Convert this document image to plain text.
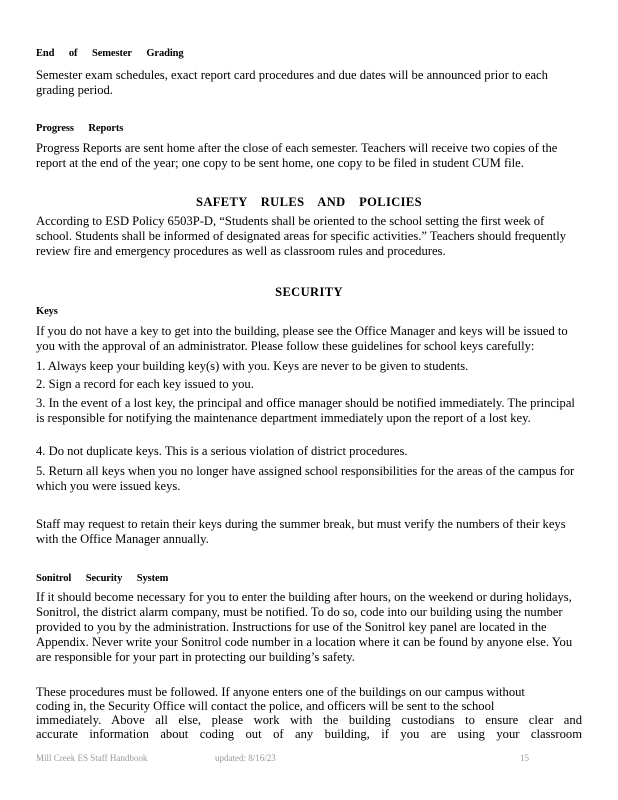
End of Semester Grading

Semester exam schedules, exact report card procedures and due dates will be announced prior to each grading period.

Progress Reports

Progress Reports are sent home after the close of each semester. Teachers will receive two copies of the report at the end of the year; one copy to be sent home, one copy to be filed in student CUM file.

SAFETY RULES AND POLICIES

According to ESD Policy 6503P-D, “Students shall be oriented to the school setting the first week of school. Students shall be informed of designated areas for specific activities.” Teachers should frequently review fire and emergency procedures as well as classroom rules and procedures.

SECURITY
Keys

If you do not have a key to get into the building, please see the Office Manager and keys will be issued to you with the approval of an administrator. Please follow these guidelines for school keys carefully:

1. Always keep your building key(s) with you. Keys are never to be given to students.

2. Sign a record for each key issued to you.

3. In the event of a lost key, the principal and office manager should be notified immediately. The principal is responsible for notifying the maintenance department immediately upon the report of a lost key.

4. Do not duplicate keys. This is a serious violation of district procedures.

5. Return all keys when you no longer have assigned school responsibilities for the areas of the campus for which you were issued keys.

Staff may request to retain their keys during the summer break, but must verify the numbers of their keys with the Office Manager annually.

Sonitrol Security System

If it should become necessary for you to enter the building after hours, on the weekend or during holidays, Sonitrol, the district alarm company, must be notified. To do so, code into our building using the number provided to you by the administration. Instructions for use of the Sonitrol key panel are located in the Appendix. Never write your Sonitrol code number in a location where it can be found by anyone else. You are responsible for your part in protecting our building’s safety.

These procedures must be followed. If anyone enters one of the buildings on our campus without

coding in, the Security Office will contact the police, and officers will be sent to the school

immediately. Above all else, please work with the building custodians to ensure clear and

accurate information about coding out of any building, if you are using your classroom

Mill Creek ES Staff Handbook	updated: 8/16/23	15
